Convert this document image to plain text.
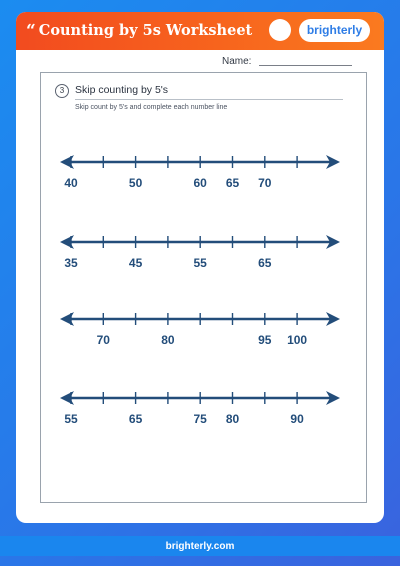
“ Counting by 5s Worksheet	brighterly
Name:
3	Skip counting by 5's
Skip count by 5's and complete each number line
40	50	60	65	70
35	45	55	65
70	80	95	100
55	65	75	80	90
brighterly.com
